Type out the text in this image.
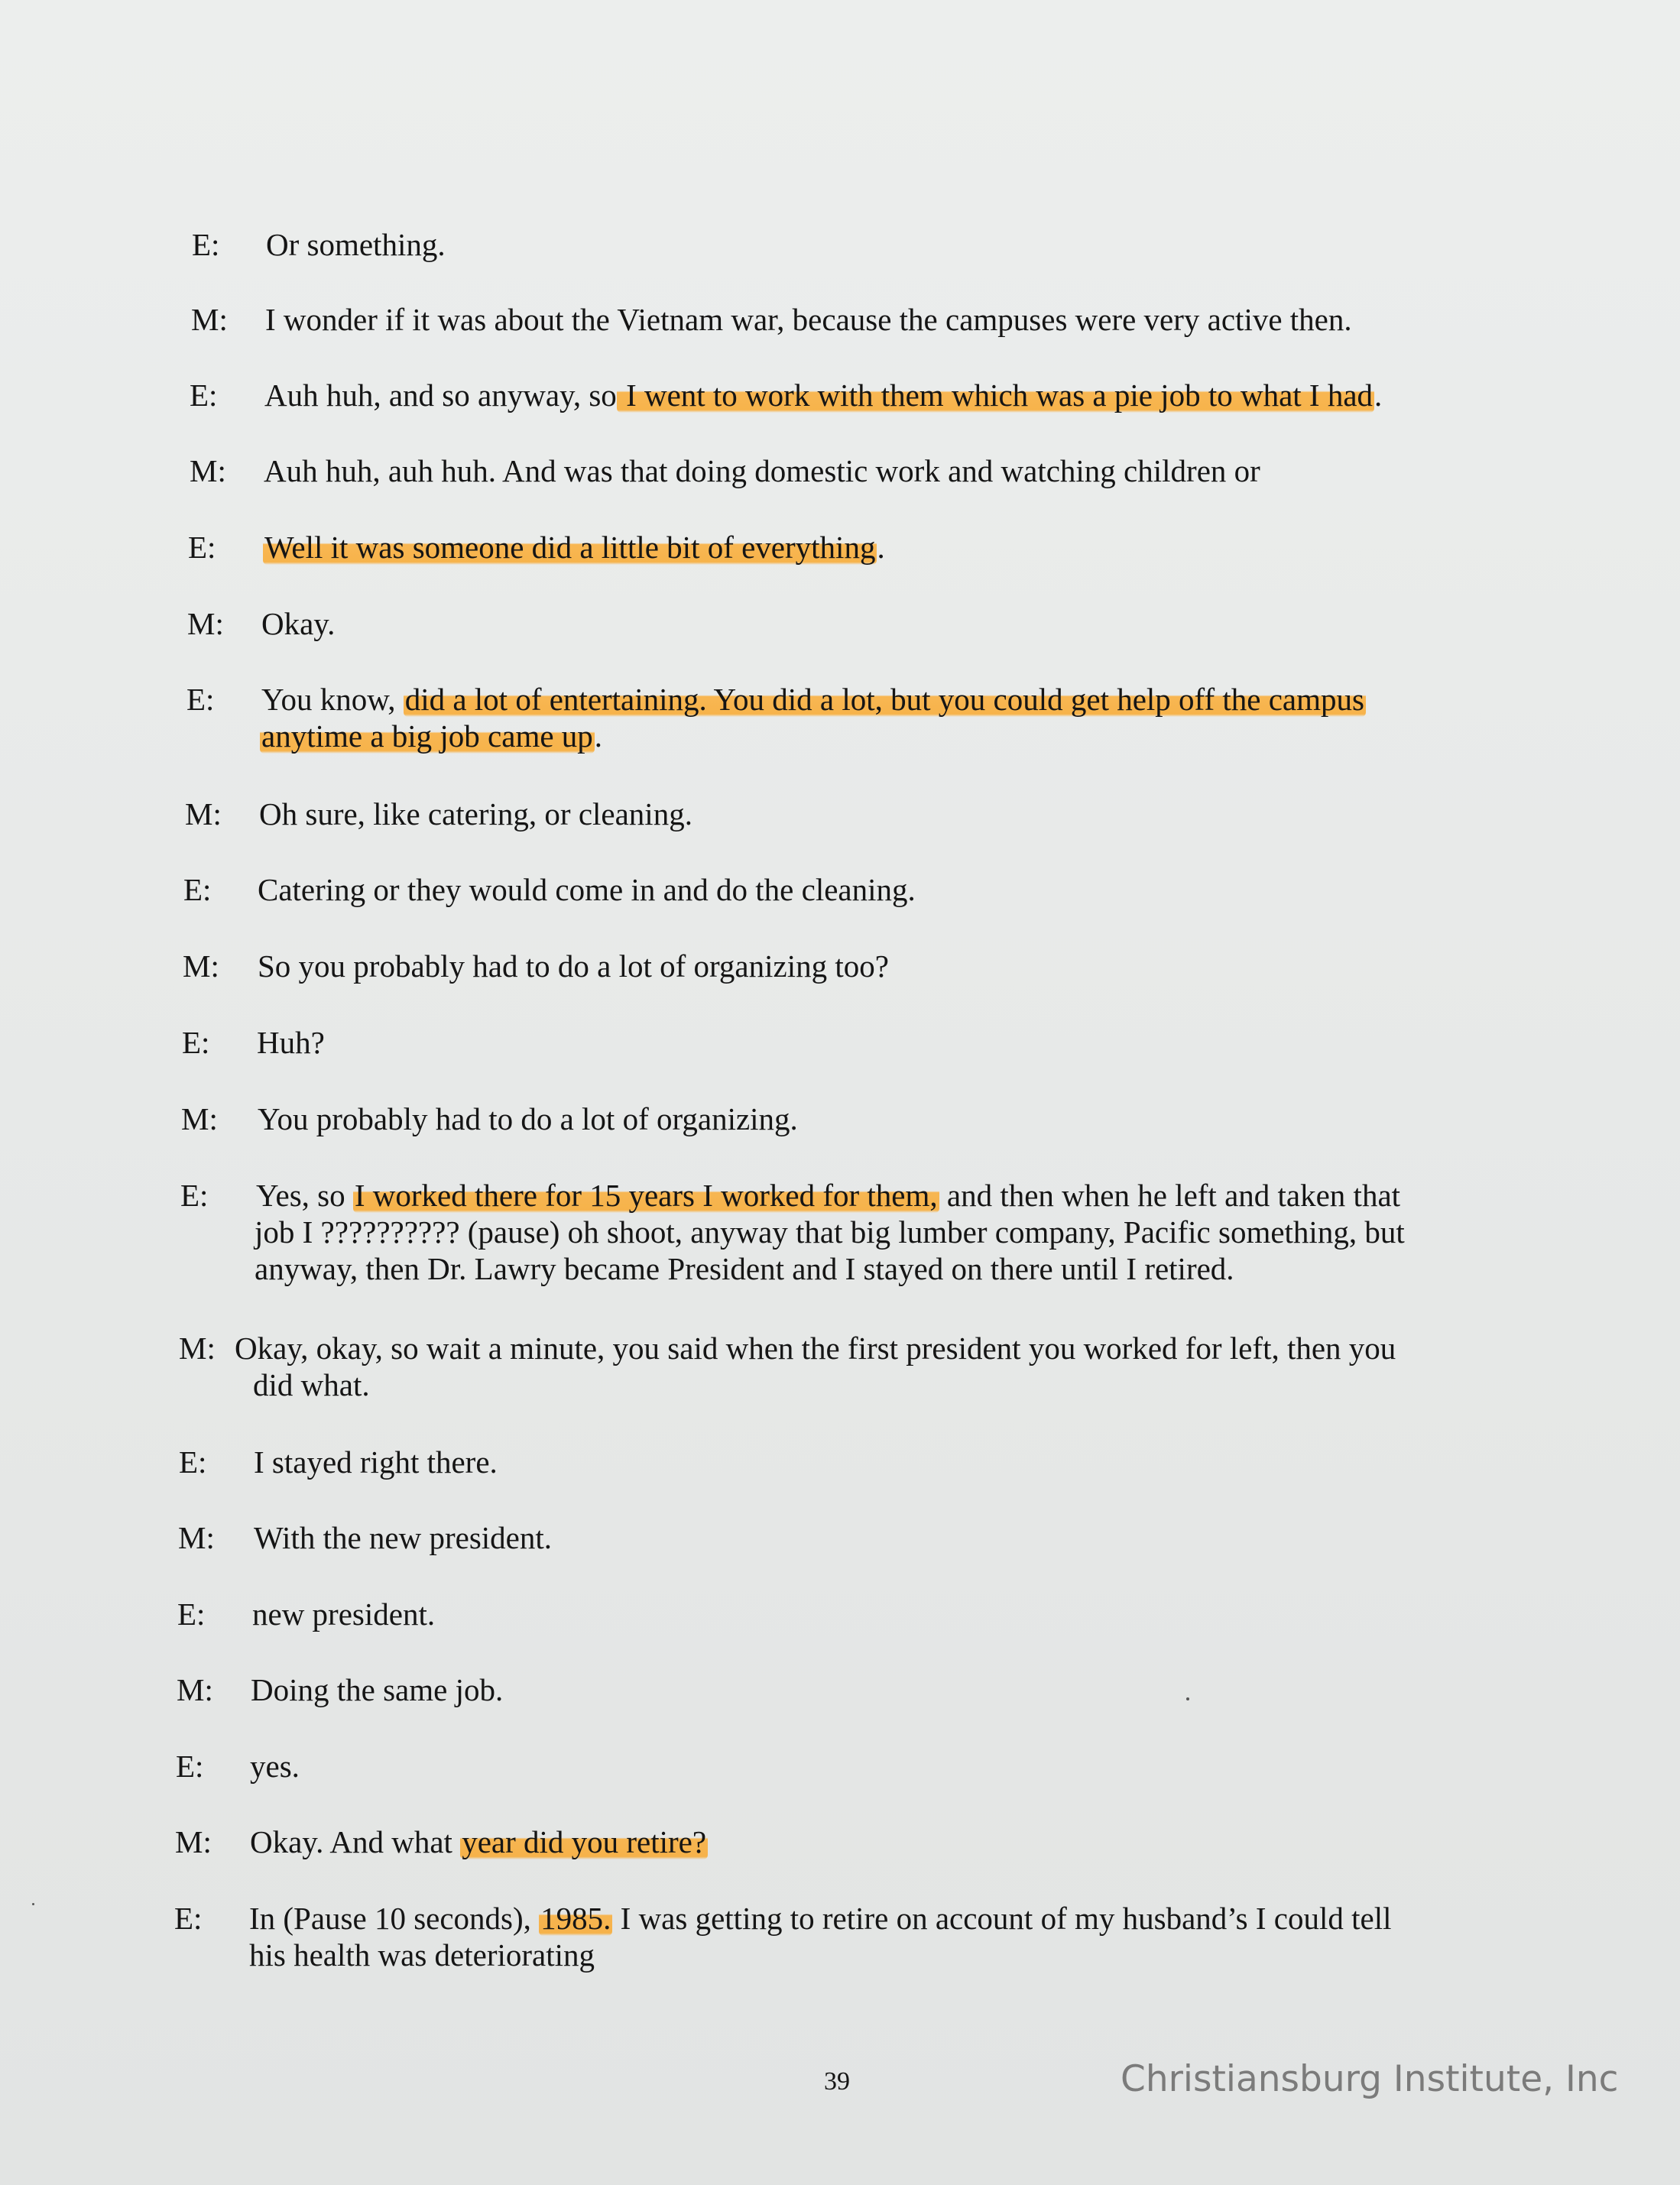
E: Or something.
M: I wonder if it was about the Vietnam war, because the campuses were very active then.
E: Auh huh, and so anyway, so I went to work with them which was a pie job to what I had.
M: Auh huh, auh huh. And was that doing domestic work and watching children or
E: Well it was someone did a little bit of everything.
M: Okay.
E: You know, did a lot of entertaining. You did a lot, but you could get help off the campus
anytime a big job came up.
M: Oh sure, like catering, or cleaning.
E: Catering or they would come in and do the cleaning.
M: So you probably had to do a lot of organizing too?
E: Huh?
M: You probably had to do a lot of organizing.
E: Yes, so I worked there for 15 years I worked for them, and then when he left and taken that
job I ?????????? (pause) oh shoot, anyway that big lumber company, Pacific something, but
anyway, then Dr. Lawry became President and I stayed on there until I retired.
M: Okay, okay, so wait a minute, you said when the first president you worked for left, then you
did what.
E: I stayed right there.
M: With the new president.
E: new president.
M: Doing the same job.
E: yes.
M: Okay. And what year did you retire?
E: In (Pause 10 seconds), 1985. I was getting to retire on account of my husband’s I could tell
his health was deteriorating
39	Christiansburg Institute, Inc
